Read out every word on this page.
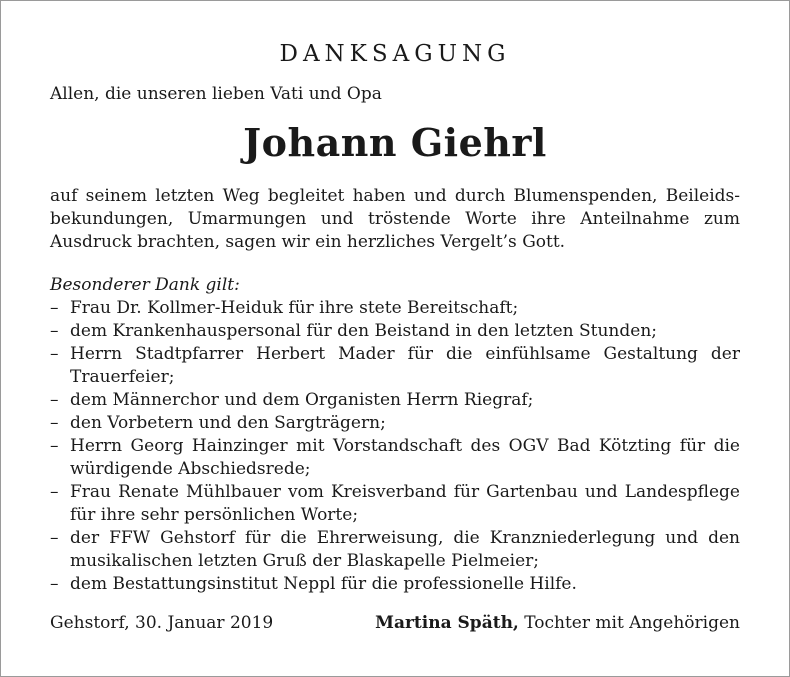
DANKSAGUNG

Allen, die unseren lieben Vati und Opa

Johann Giehrl

auf seinem letzten Weg begleitet haben und durch Blumenspenden, Beileidsbekundungen, Umarmungen und tröstende Worte ihre Anteilnahme zum Ausdruck brachten, sagen wir ein herzliches Vergelt’s Gott.

Besonderer Dank gilt:

– Frau Dr. Kollmer-Heiduk für ihre stete Bereitschaft;
– dem Krankenhauspersonal für den Beistand in den letzten Stunden;
– Herrn Stadtpfarrer Herbert Mader für die einfühlsame Gestaltung der Trauerfeier;
– dem Männerchor und dem Organisten Herrn Riegraf;
– den Vorbetern und den Sargträgern;
– Herrn Georg Hainzinger mit Vorstandschaft des OGV Bad Kötzting für die würdigende Abschiedsrede;
– Frau Renate Mühlbauer vom Kreisverband für Gartenbau und Landespflege für ihre sehr persönlichen Worte;
– der FFW Gehstorf für die Ehrerweisung, die Kranzniederlegung und den musikalischen letzten Gruß der Blaskapelle Pielmeier;
– dem Bestattungsinstitut Neppl für die professionelle Hilfe.
Gehstorf, 30. Januar 2019	Martina Späth, Tochter mit Angehörigen
